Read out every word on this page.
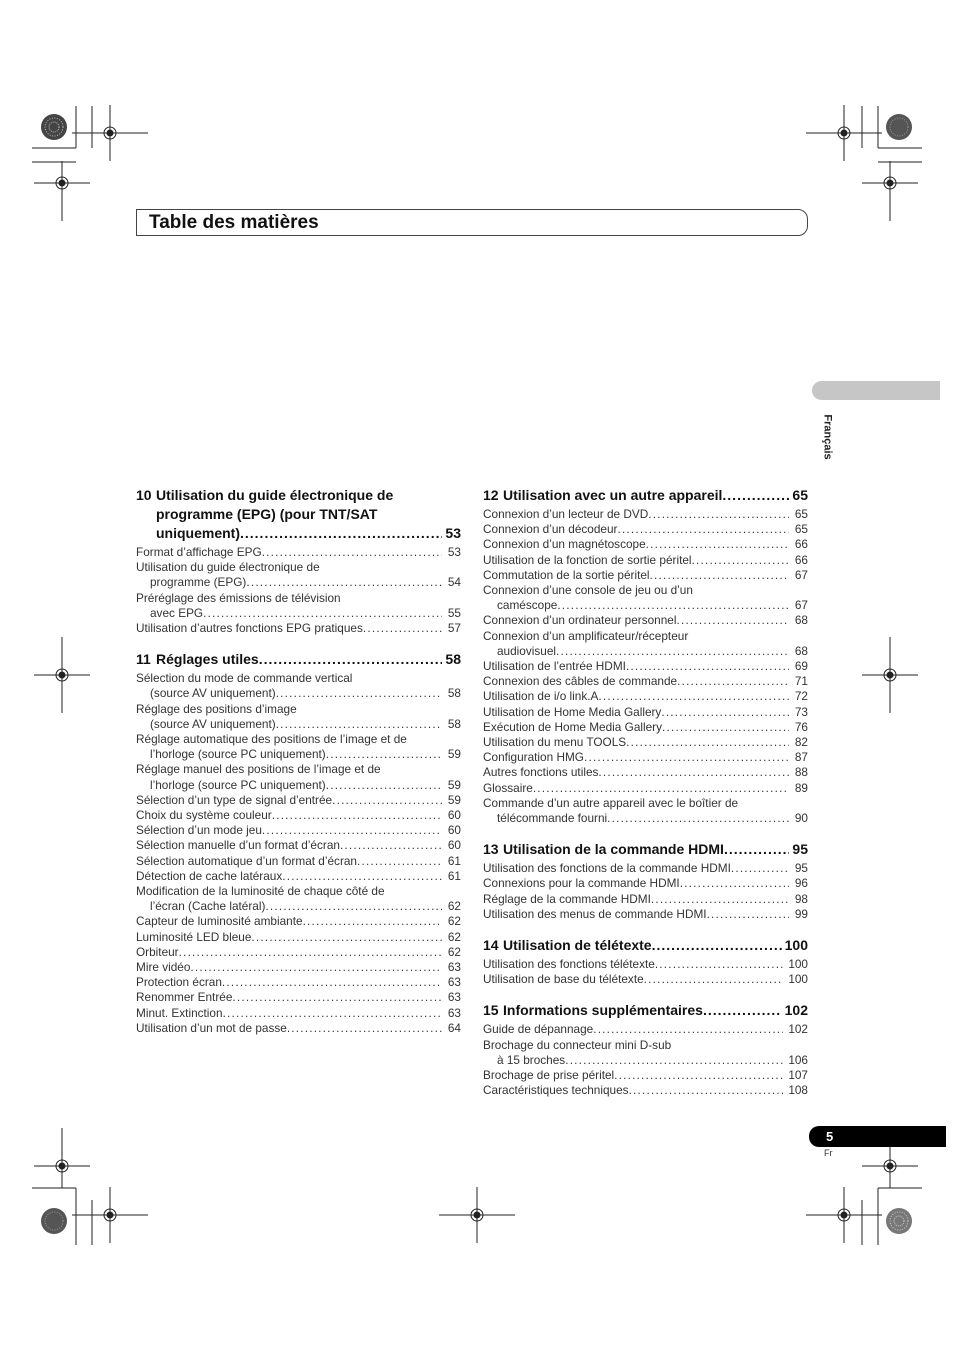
Table des matières
Français
10 Utilisation du guide électronique de
programme (EPG) (pour TNT/SAT
uniquement) .....	53
Format d’affichage EPG .....	53
Utilisation du guide électronique de
programme (EPG) .....	54
Préréglage des émissions de télévision
avec EPG .....	55
Utilisation d’autres fonctions EPG pratiques .....	57
11 Réglages utiles .....	58
Sélection du mode de commande vertical
(source AV uniquement) .....	58
Réglage des positions d’image
(source AV uniquement) .....	58
Réglage automatique des positions de l’image et de
l’horloge (source PC uniquement) .....	59
Réglage manuel des positions de l’image et de
l’horloge (source PC uniquement) .....	59
Sélection d’un type de signal d’entrée .....	59
Choix du système couleur .....	60
Sélection d’un mode jeu .....	60
Sélection manuelle d’un format d’écran .....	60
Sélection automatique d’un format d’écran .....	61
Détection de cache latéraux .....	61
Modification de la luminosité de chaque côté de
l’écran (Cache latéral) .....	62
Capteur de luminosité ambiante .....	62
Luminosité LED bleue .....	62
Orbiteur .....	62
Mire vidéo .....	63
Protection écran .....	63
Renommer Entrée .....	63
Minut. Extinction .....	63
Utilisation d’un mot de passe .....	64
12 Utilisation avec un autre appareil .....	65
Connexion d’un lecteur de DVD .....	65
Connexion d’un décodeur .....	65
Connexion d’un magnétoscope .....	66
Utilisation de la fonction de sortie péritel .....	66
Commutation de la sortie péritel .....	67
Connexion d’une console de jeu ou d’un
caméscope .....	67
Connexion d’un ordinateur personnel .....	68
Connexion d’un amplificateur/récepteur
audiovisuel .....	68
Utilisation de l’entrée HDMI .....	69
Connexion des câbles de commande .....	71
Utilisation de i/o link.A .....	72
Utilisation de Home Media Gallery .....	73
Exécution de Home Media Gallery .....	76
Utilisation du menu TOOLS .....	82
Configuration HMG .....	87
Autres fonctions utiles .....	88
Glossaire .....	89
Commande d’un autre appareil avec le boîtier de
télécommande fourni .....	90
13 Utilisation de la commande HDMI .....	95
Utilisation des fonctions de la commande HDMI .....	95
Connexions pour la commande HDMI .....	96
Réglage de la commande HDMI .....	98
Utilisation des menus de commande HDMI .....	99
14 Utilisation de télétexte .....	100
Utilisation des fonctions télétexte .....	100
Utilisation de base du télétexte .....	100
15 Informations supplémentaires .....	102
Guide de dépannage .....	102
Brochage du connecteur mini D-sub
à 15 broches .....	106
Brochage de prise péritel .....	107
Caractéristiques techniques .....	108
5
Fr
